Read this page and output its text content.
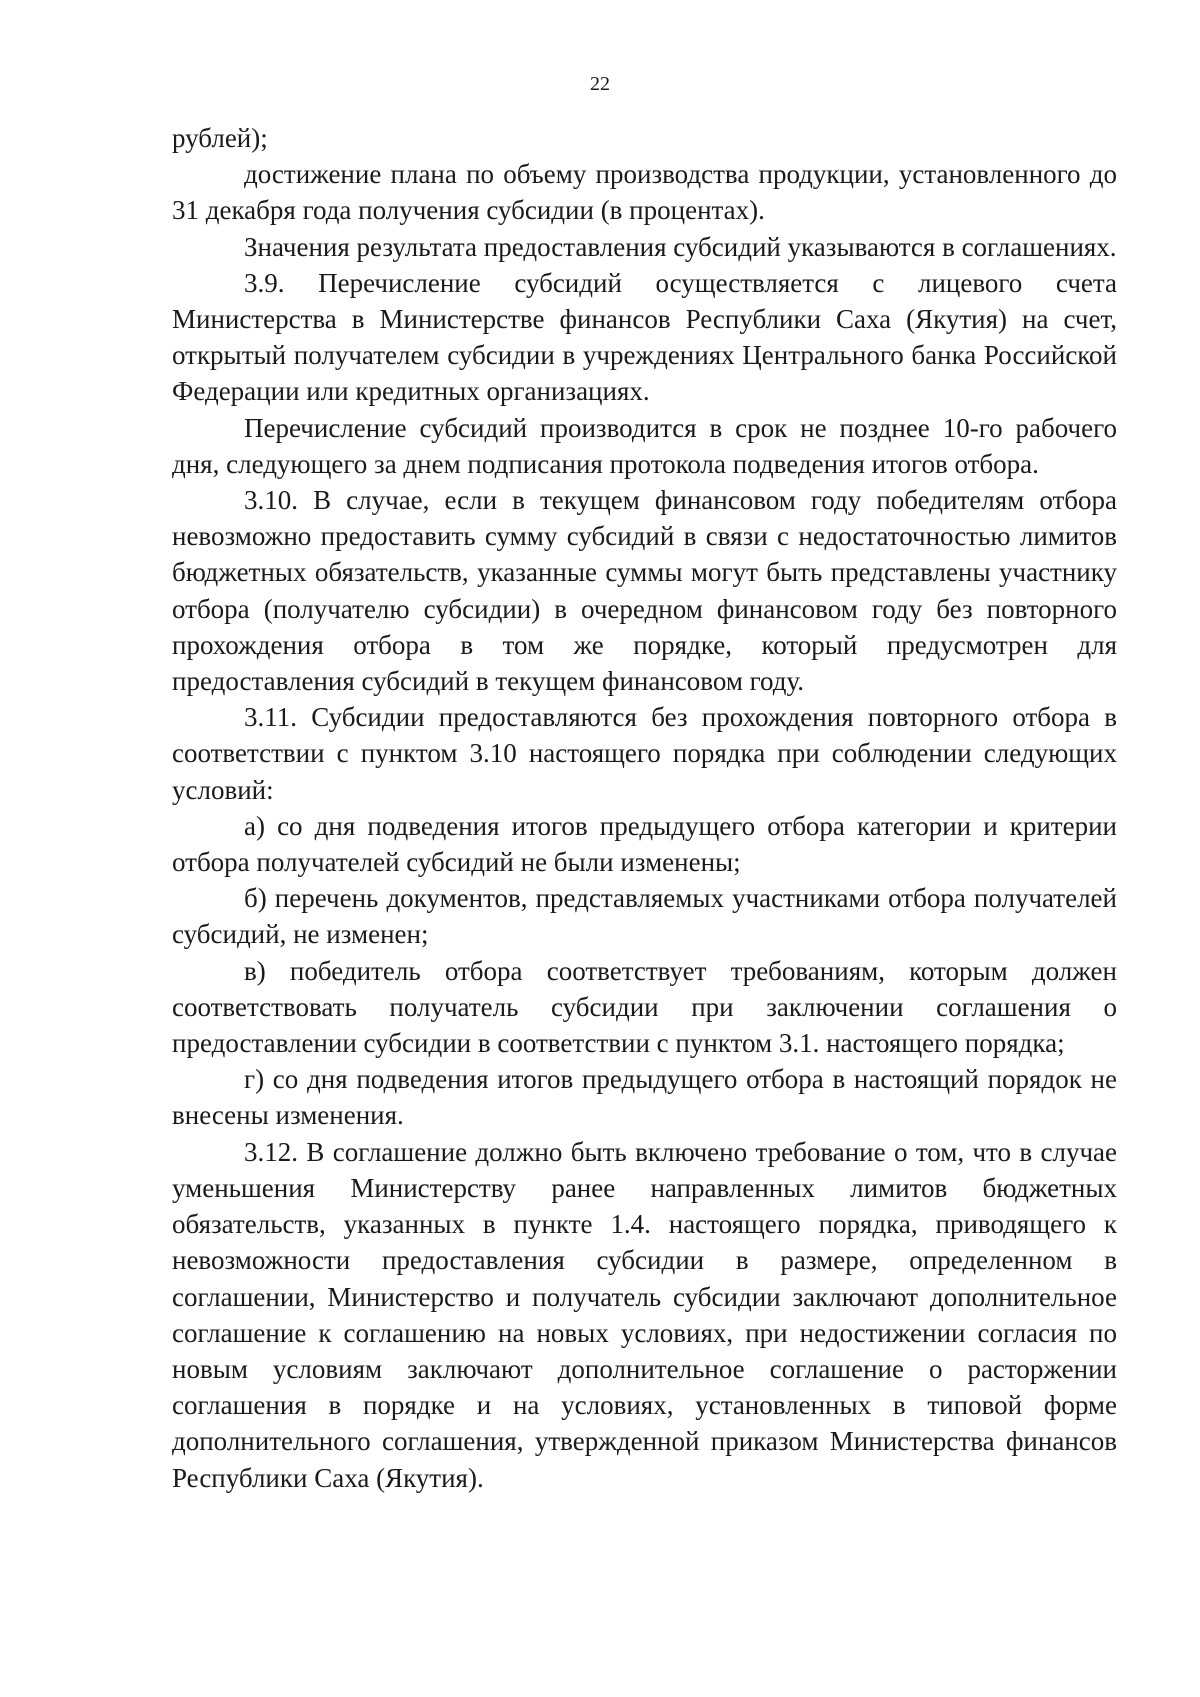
22

рублей);

достижение плана по объему производства продукции, установленного до 31 декабря года получения субсидии (в процентах).

Значения результата предоставления субсидий указываются в соглашениях.

3.9. Перечисление субсидий осуществляется с лицевого счета Министерства в Министерстве финансов Республики Саха (Якутия) на счет, открытый получателем субсидии в учреждениях Центрального банка Российской Федерации или кредитных организациях.

Перечисление субсидий производится в срок не позднее 10-го рабочего дня, следующего за днем подписания протокола подведения итогов отбора.

3.10. В случае, если в текущем финансовом году победителям отбора невозможно предоставить сумму субсидий в связи с недостаточностью лимитов бюджетных обязательств, указанные суммы могут быть представлены участнику отбора (получателю субсидии) в очередном финансовом году без повторного прохождения отбора в том же порядке, который предусмотрен для предоставления субсидий в текущем финансовом году.

3.11. Субсидии предоставляются без прохождения повторного отбора в соответствии с пунктом 3.10 настоящего порядка при соблюдении следующих условий:

а) со дня подведения итогов предыдущего отбора категории и критерии отбора получателей субсидий не были изменены;

б) перечень документов, представляемых участниками отбора получателей субсидий, не изменен;

в) победитель отбора соответствует требованиям, которым должен соответствовать получатель субсидии при заключении соглашения о предоставлении субсидии в соответствии с пунктом 3.1. настоящего порядка;

г) со дня подведения итогов предыдущего отбора в настоящий порядок не внесены изменения.

3.12. В соглашение должно быть включено требование о том, что в случае уменьшения Министерству ранее направленных лимитов бюджетных обязательств, указанных в пункте 1.4. настоящего порядка, приводящего к невозможности предоставления субсидии в размере, определенном в соглашении, Министерство и получатель субсидии заключают дополнительное соглашение к соглашению на новых условиях, при недостижении согласия по новым условиям заключают дополнительное соглашение о расторжении соглашения в порядке и на условиях, установленных в типовой форме дополнительного соглашения, утвержденной приказом Министерства финансов Республики Саха (Якутия).
